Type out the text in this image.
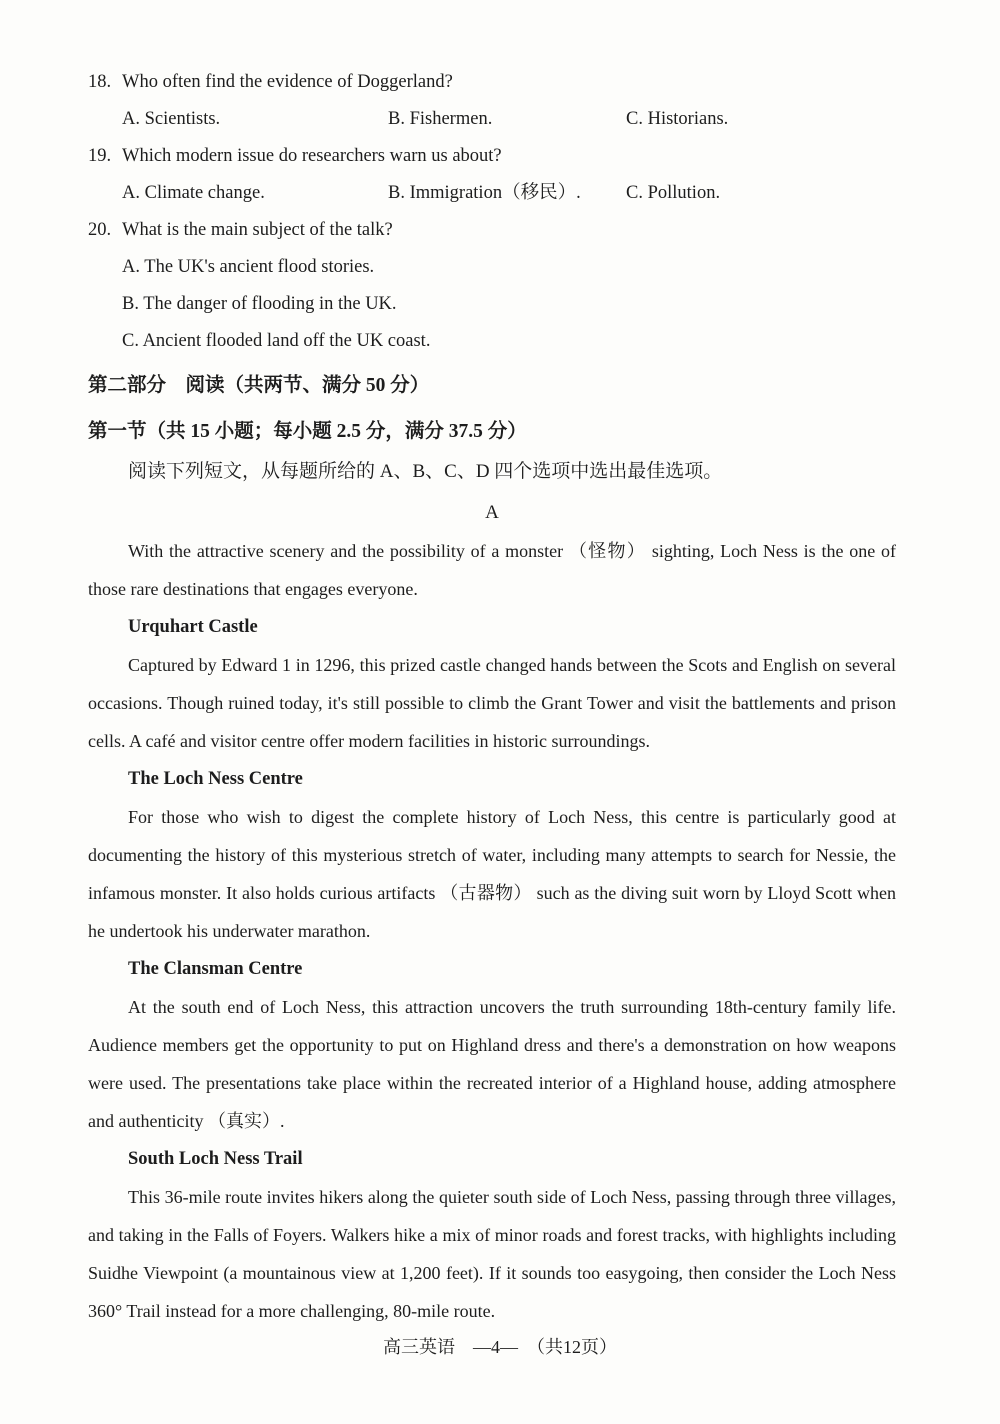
18. Who often find the evidence of Doggerland?
A. Scientists.	B. Fishermen.	C. Historians.
19. Which modern issue do researchers warn us about?
A. Climate change.	B. Immigration（移民）.	C. Pollution.
20. What is the main subject of the talk?
A. The UK's ancient flood stories.
B. The danger of flooding in the UK.
C. Ancient flooded land off the UK coast.
第二部分　阅读（共两节、满分 50 分）
第一节（共 15 小题；每小题 2.5 分，满分 37.5 分）
阅读下列短文，从每题所给的 A、B、C、D 四个选项中选出最佳选项。
A

With the attractive scenery and the possibility of a monster （怪物） sighting, Loch Ness is the one of those rare destinations that engages everyone.

Urquhart Castle

Captured by Edward 1 in 1296, this prized castle changed hands between the Scots and English on several occasions. Though ruined today, it's still possible to climb the Grant Tower and visit the battlements and prison cells. A café and visitor centre offer modern facilities in historic surroundings.

The Loch Ness Centre

For those who wish to digest the complete history of Loch Ness, this centre is particularly good at documenting the history of this mysterious stretch of water, including many attempts to search for Nessie, the infamous monster. It also holds curious artifacts （古器物） such as the diving suit worn by Lloyd Scott when he undertook his underwater marathon.

The Clansman Centre

At the south end of Loch Ness, this attraction uncovers the truth surrounding 18th-century family life. Audience members get the opportunity to put on Highland dress and there's a demonstration on how weapons were used. The presentations take place within the recreated interior of a Highland house, adding atmosphere and authenticity （真实）.

South Loch Ness Trail

This 36-mile route invites hikers along the quieter south side of Loch Ness, passing through three villages, and taking in the Falls of Foyers. Walkers hike a mix of minor roads and forest tracks, with highlights including Suidhe Viewpoint (a mountainous view at 1,200 feet). If it sounds too easygoing, then consider the Loch Ness 360° Trail instead for a more challenging, 80-mile route.

高三英语　—4—　（共12页）
